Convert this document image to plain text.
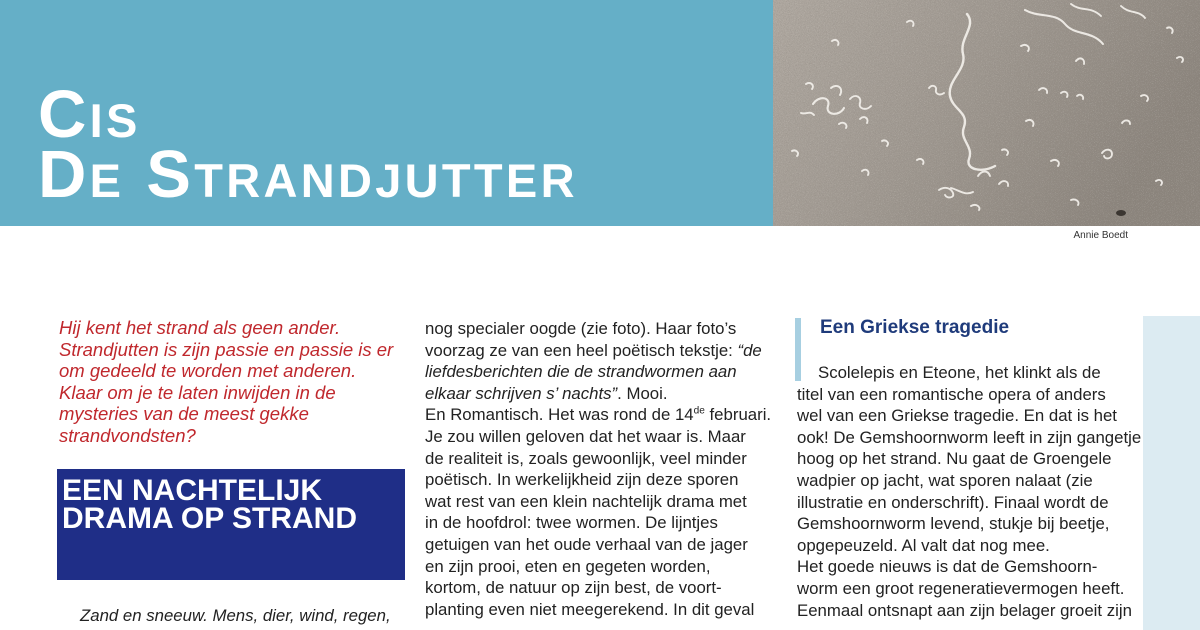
Cis
De Strandjutter
Annie Boedt
Hij kent het strand als geen ander.
Strandjutten is zijn passie en passie is er
om gedeeld te worden met anderen.
Klaar om je te laten inwijden in de
mysteries van de meest gekke
strandvondsten?
EEN NACHTELIJK
DRAMA OP STRAND
Zand en sneeuw. Mens, dier, wind, regen,
nog specialer oogde (zie foto). Haar foto’s
voorzag ze van een heel poëtisch tekstje: “de
liefdesberichten die de strandwormen aan
elkaar schrijven s’ nachts”. Mooi.
En Romantisch. Het was rond de 14de februari.
Je zou willen geloven dat het waar is. Maar
de realiteit is, zoals gewoonlijk, veel minder
poëtisch. In werkelijkheid zijn deze sporen
wat rest van een klein nachtelijk drama met
in de hoofdrol: twee wormen. De lijntjes
getuigen van het oude verhaal van de jager
en zijn prooi, eten en gegeten worden,
kortom, de natuur op zijn best, de voort-
planting even niet meegerekend. In dit geval
Een Griekse tragedie
Scolelepis en Eteone, het klinkt als de
titel van een romantische opera of anders
wel van een Griekse tragedie. En dat is het
ook! De Gemshoornworm leeft in zijn gangetje
hoog op het strand. Nu gaat de Groengele
wadpier op jacht, wat sporen nalaat (zie
illustratie en onderschrift). Finaal wordt de
Gemshoornworm levend, stukje bij beetje,
opgepeuzeld. Al valt dat nog mee.
Het goede nieuws is dat de Gemshoorn-
worm een groot regeneratievermogen heeft.
Eenmaal ontsnapt aan zijn belager groeit zijn
